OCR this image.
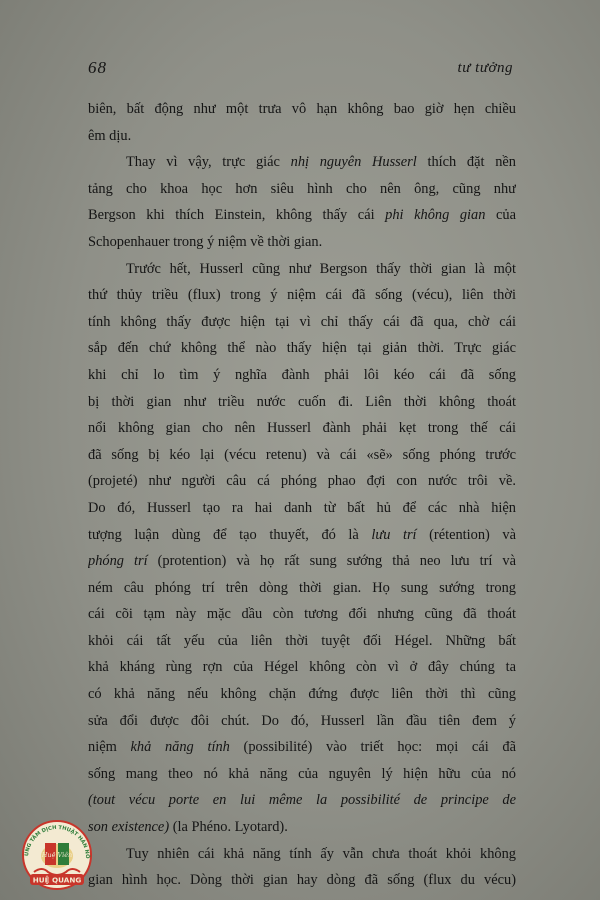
68	tư tưởng
biên, bất động như một trưa vô hạn không bao giờ hẹn chiều
êm dịu.
Thay vì vậy, trực giác nhị nguyên Husserl thích đặt nền
tảng cho khoa học hơn siêu hình cho nên ông, cũng như
Bergson khi thích Einstein, không thấy cái phi không gian của
Schopenhauer trong ý niệm về thời gian.
Trước hết, Husserl cũng như Bergson thấy thời gian là một
thứ thủy triều (flux) trong ý niệm cái đã sống (vécu), liên thời
tính không thấy được hiện tại vì chỉ thấy cái đã qua, chờ cái
sắp đến chứ không thể nào thấy hiện tại giản thời. Trực giác
khi chỉ lo tìm ý nghĩa đành phải lôi kéo cái đã sống
bị thời gian như triều nước cuốn đi. Liên thời không thoát
nổi không gian cho nên Husserl đành phải kẹt trong thế cái
đã sống bị kéo lại (vécu retenu) và cái «sẽ» sống phóng trước
(projeté) như người câu cá phóng phao đợi con nước trôi về.
Do đó, Husserl tạo ra hai danh từ bất hủ để các nhà hiện
tượng luận dùng để tạo thuyết, đó là lưu trí (rétention) và
phóng trí (protention) và họ rất sung sướng thả neo lưu trí và
ném câu phóng trí trên dòng thời gian. Họ sung sướng trong
cái cõi tạm này mặc dầu còn tương đối nhưng cũng đã thoát
khỏi cái tất yếu của liên thời tuyệt đối Hégel. Những bất
khả kháng rùng rợn của Hégel không còn vì ở đây chúng ta
có khả năng nếu không chặn đứng được liên thời thì cũng
sửa đổi được đôi chút. Do đó, Husserl lần đầu tiên đem ý
niệm khả năng tính (possibilité) vào triết học: mọi cái đã
sống mang theo nó khả năng của nguyên lý hiện hữu của nó
(tout vécu porte en lui même la possibilité de principe de
son existence) (la Phéno. Lyotard).
Tuy nhiên cái khả năng tính ấy vẫn chưa thoát khỏi không
gian hình học. Dòng thời gian hay dòng đã sống (flux du vécu)
UNG TÂM DỊCH THUẬT HÁN NÔ
Huệ Viên
HUỆ QUANG
